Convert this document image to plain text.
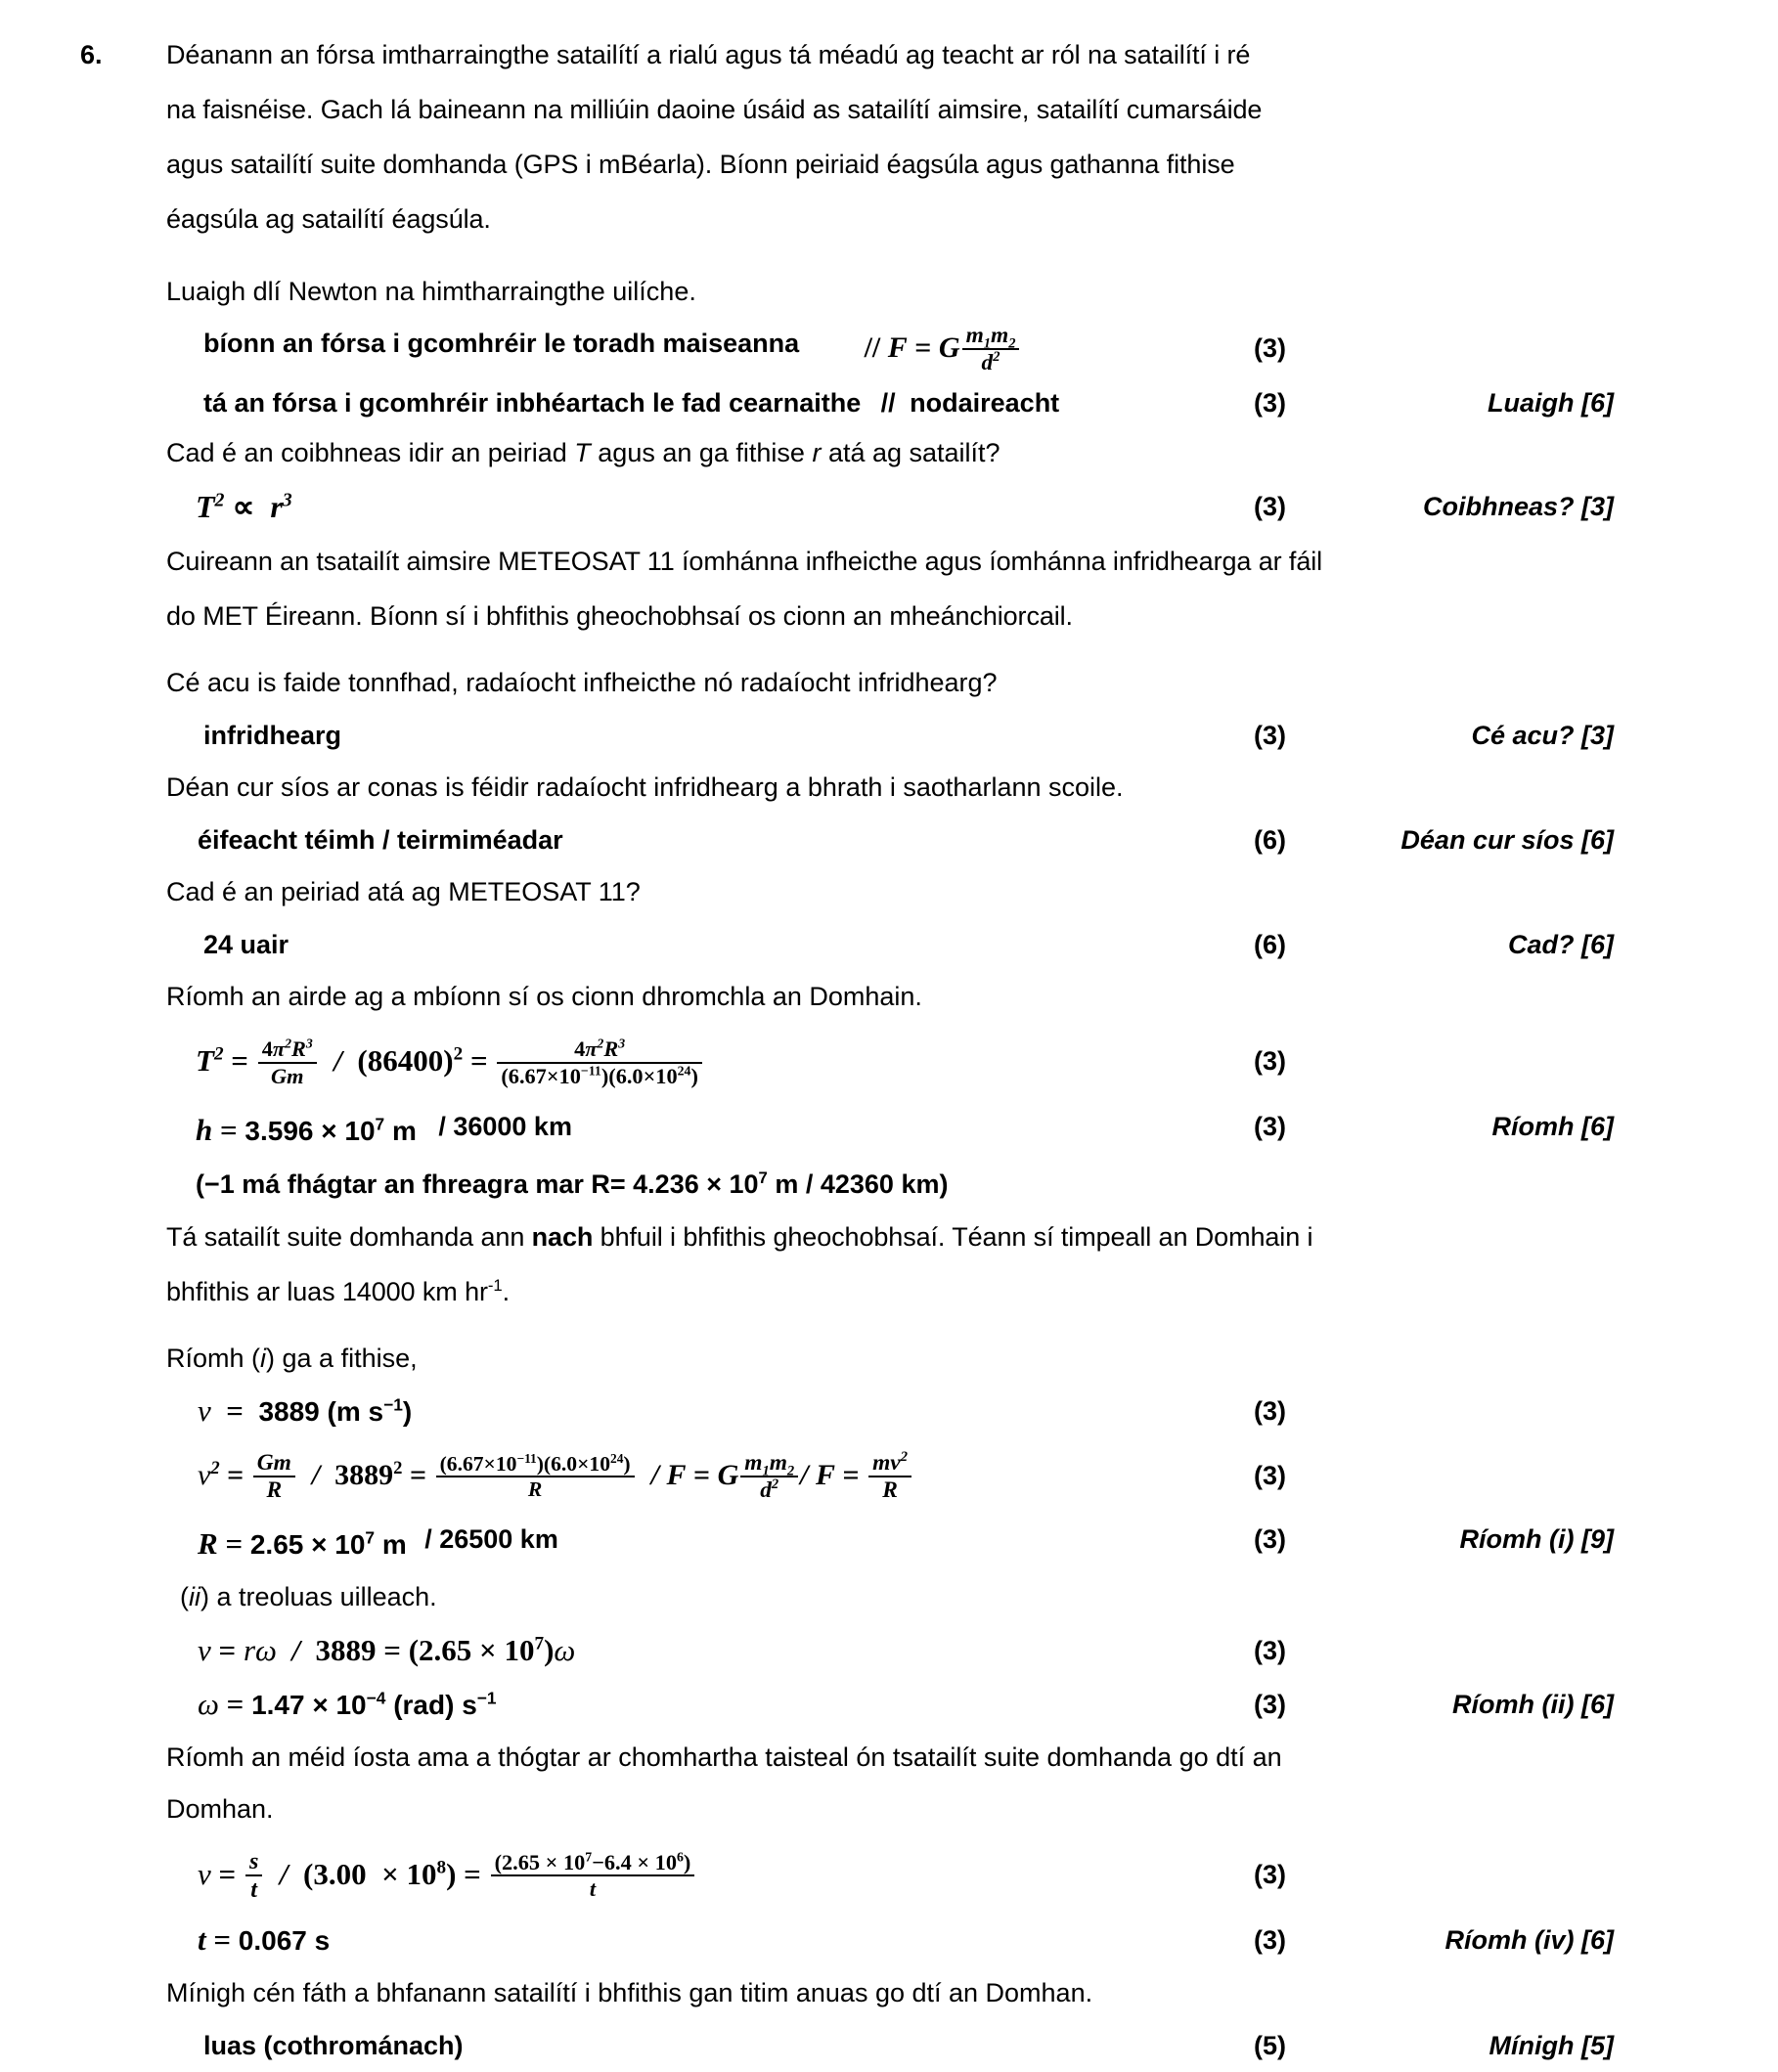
6. Déanann an fórsa imtharraingthe satailítí a rialú agus tá méadú ag teacht ar ról na satailítí i ré
na faisnéise. Gach lá baineann na milliúin daoine úsáid as satailítí aimsire, satailítí cumarsáide
agus satailítí suite domhanda (GPS i mBéarla). Bíonn peiriaid éagsúla agus gathanna fithise
éagsúla ag satailítí éagsúla.
Luaigh dlí Newton na himtharraingthe uilíche.
bíonn an fórsa i gcomhréir le toradh maiseanna // F = G $\frac{m_1m_2}{d^2}$	(3)
tá an fórsa i gcomhréir inbhéartach le fad cearnaithe // nodaireacht	(3)	Luaigh [6]
Cad é an coibhneas idir an peiriad T agus an ga fithise r atá ag satailít?
$T^2 \propto r^3$	(3)	Coibhneas? [3]
Cuireann an tsatailít aimsire METEOSAT 11 íomhánna infheicthe agus íomhánna infridhearga ar fáil
do MET Éireann. Bíonn sí i bhfithis gheochobhsaí os cionn an mheánchiorcail.
Cé acu is faide tonnfhad, radaíocht infheicthe nó radaíocht infridhearg?
infridhearg	(3)	Cé acu? [3]
Déan cur síos ar conas is féidir radaíocht infridhearg a bhrath i saotharlann scoile.
éifeacht téimh / teirmiméadar	(6)	Déan cur síos [6]
Cad é an peiriad atá ag METEOSAT 11?
24 uair	(6)	Cad? [6]
Ríomh an airde ag a mbíonn sí os cionn dhromchla an Domhain.
$T^2 = \frac{4\pi^2R^3}{Gm} / (86400)^2 = \frac{4\pi^2R^3}{(6.67\times 10^{-11})(6.0\times 10^{24})}$	(3)
$h = 3.596 \times 10^7$ m / 36000 km	(3)	Ríomh [6]
(−1 má fhágtar an fhreagra mar $R= 4.236 \times 10^7$ m / 42360 km)
Tá satailít suite domhanda ann nach bhfuil i bhfithis gheochobhsaí. Téann sí timpeall an Domhain i
bhfithis ar luas 14000 km $hr^{-1}$.
Ríomh (i) ga a fithise,
v  =  3889 (m $s^{-1}$)	(3)
$v^2 = \frac{Gm}{R} / 3889^2 = \frac{(6.67\times 10^{-11})(6.0\times 10^{24})}{R} / F = G \frac{m_1m_2}{d^2} / F = \frac{mv^2}{R}$	(3)
$R = 2.65 \times 10^7$ m / 26500 km	(3)	Ríomh (i) [9]
(ii) a treoluas uilleach.
$v = r\omega / 3889 = (2.65 \times 10^7)\omega$	(3)
$\omega = 1.47 \times 10^{-4}$ (rad) $s^{-1}$	(3)	Ríomh (ii) [6]
Ríomh an méid íosta ama a thógtar ar chomhartha taisteal ón tsatailít suite domhanda go dtí an
Domhan.
$v = \frac{s}{t} / (3.00 \times 10^8) = \frac{(2.65 \times 10^7-6.4 \times 10^6)}{t}$	(3)
t = 0.067 s	(3)	Ríomh (iv) [6]
Mínigh cén fáth a bhfanann satailítí i bhfithis gan titim anuas go dtí an Domhan.
luas (cothrománach)	(5)	Mínigh [5]
